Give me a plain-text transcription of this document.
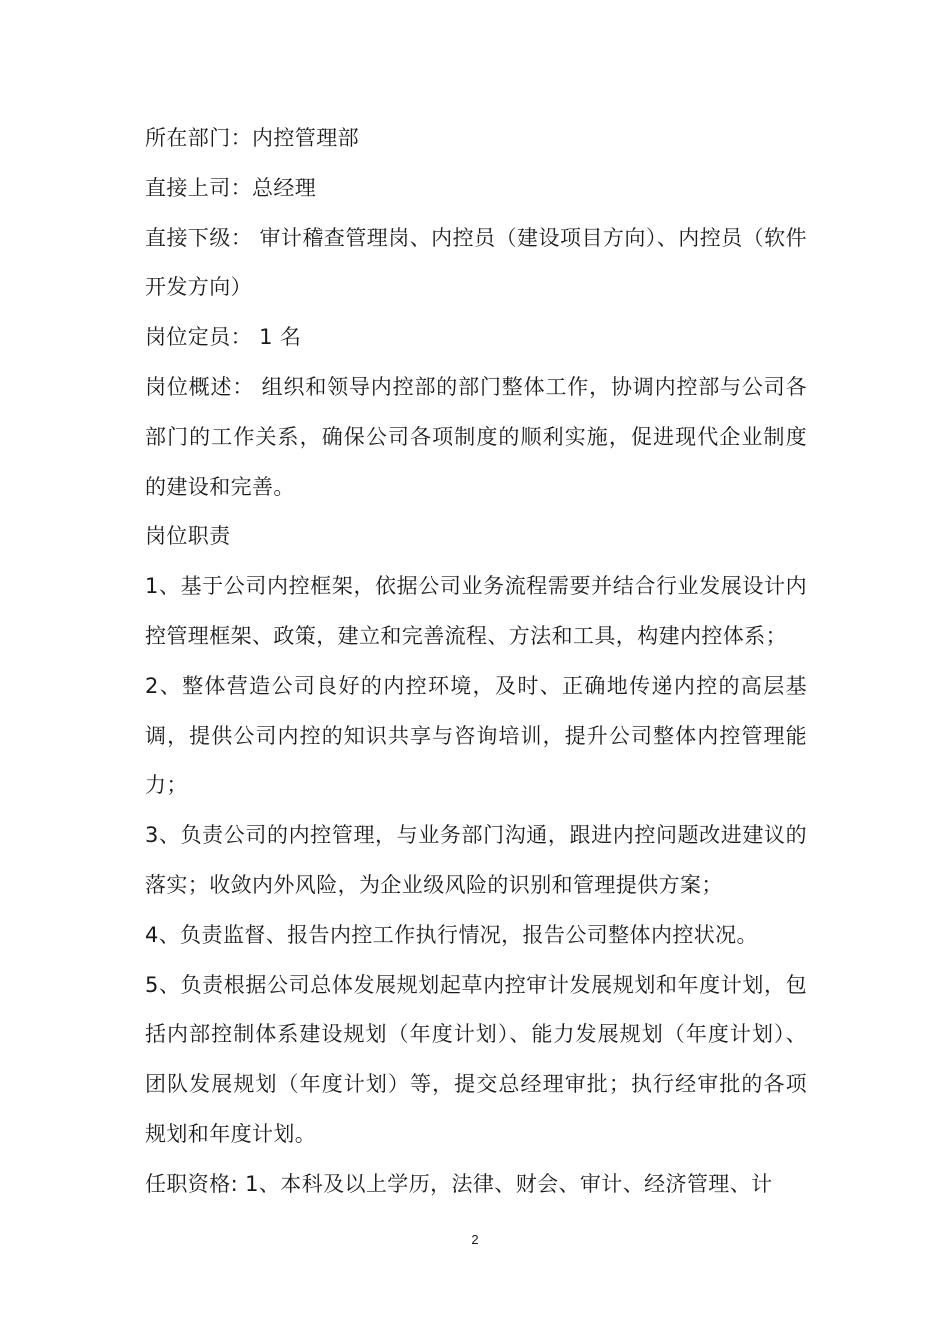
所在部门：内控管理部

直接上司：总经理

直接下级： 审计稽查管理岗、内控员（建设项目方向）、内控员（软件开发方向）

岗位定员： 1 名

岗位概述： 组织和领导内控部的部门整体工作，协调内控部与公司各部门的工作关系，确保公司各项制度的顺利实施，促进现代企业制度的建设和完善。

岗位职责

1、基于公司内控框架，依据公司业务流程需要并结合行业发展设计内控管理框架、政策，建立和完善流程、方法和工具，构建内控体系；

2、整体营造公司良好的内控环境，及时、正确地传递内控的高层基调，提供公司内控的知识共享与咨询培训，提升公司整体内控管理能力；

3、负责公司的内控管理，与业务部门沟通，跟进内控问题改进建议的落实；收敛内外风险，为企业级风险的识别和管理提供方案；

4、负责监督、报告内控工作执行情况，报告公司整体内控状况。

5、负责根据公司总体发展规划起草内控审计发展规划和年度计划，包括内部控制体系建设规划（年度计划）、能力发展规划（年度计划）、团队发展规划（年度计划）等，提交总经理审批；执行经审批的各项规划和年度计划。

任职资格: 1、本科及以上学历，法律、财会、审计、经济管理、计

2
